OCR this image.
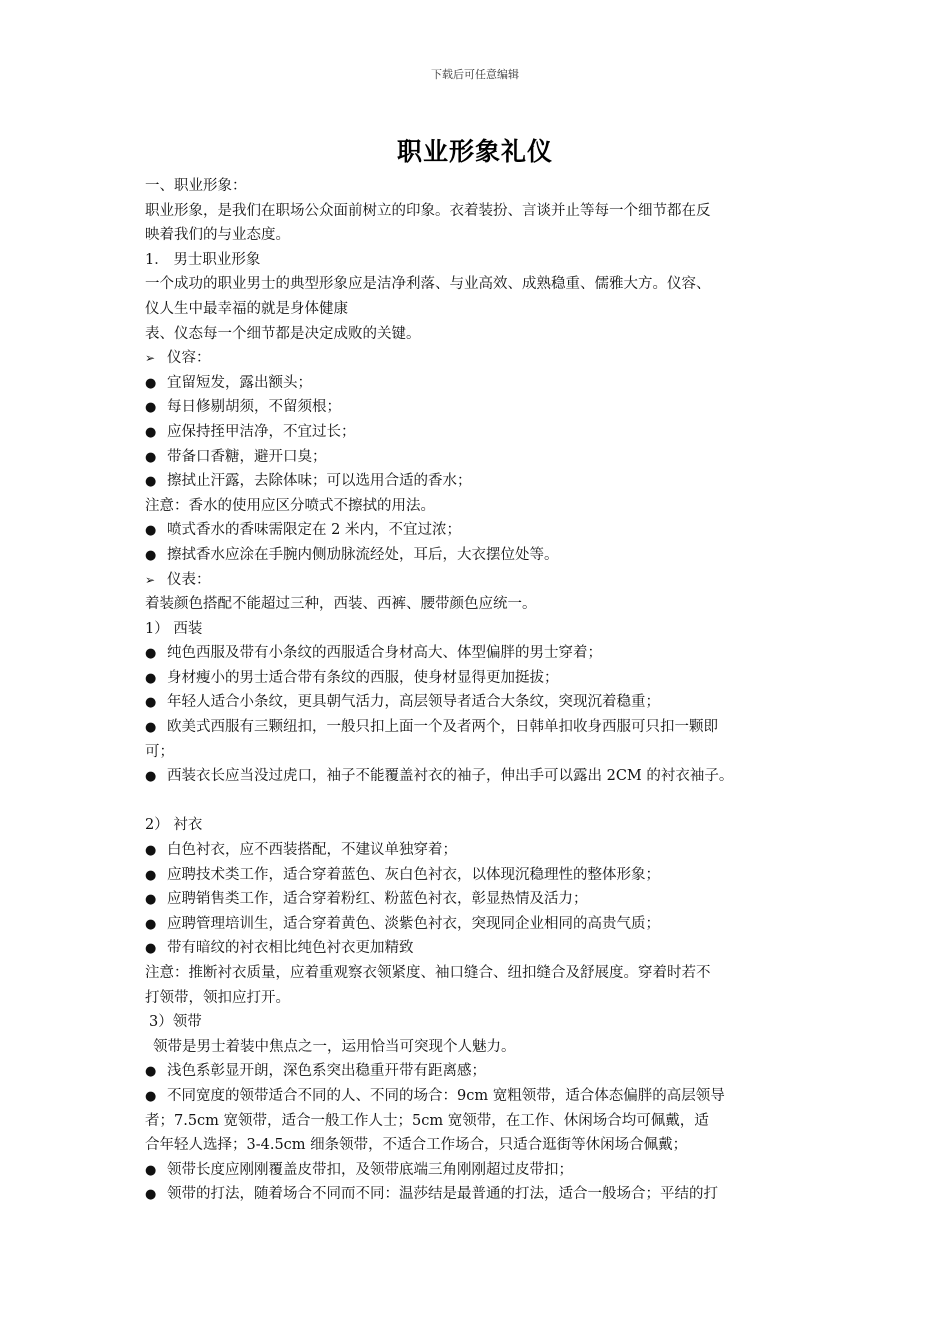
下载后可任意编辑
职业形象礼仪
一、职业形象：
职业形象，是我们在职场公众面前树立的印象。衣着装扮、言谈并止等每一个细节都在反
映着我们的与业态度。
1． 男士职业形象
一个成功的职业男士的典型形象应是洁净利落、与业高效、成熟稳重、儒雅大方。仪容、
仪人生中最幸福的就是身体健康
表、仪态每一个细节都是决定成败的关键。
➢ 仪容：
● 宜留短发，露出额头；
● 每日修剔胡须，不留须根；
● 应保持挃甲洁净，不宜过长；
● 带备口香糖，避开口臭；
● 擦拭止汗露，去除体味；可以选用合适的香水；
注意：香水的使用应区分喷式不擦拭的用法。
● 喷式香水的香味需限定在 2 米内，不宜过浓；
● 擦拭香水应涂在手腕内侧劢脉流经处，耳后，大衣摆位处等。
➢ 仪表：
着装颜色搭配不能超过三种，西装、西裤、腰带颜色应统一。
1） 西装
● 纯色西服及带有小条纹的西服适合身材高大、体型偏胖的男士穿着；
● 身材瘦小的男士适合带有条纹的西服，使身材显得更加挺拔；
● 年轻人适合小条纹，更具朝气活力，高层领导者适合大条纹，突现沉着稳重；
● 欧美式西服有三颗纽扣，一般只扣上面一个及者两个，日韩单扣收身西服可只扣一颗即
可；
● 西装衣长应当没过虎口，袖子不能覆盖衬衣的袖子，伸出手可以露出 2CM 的衬衣袖子。
2） 衬衣
● 白色衬衣，应不西装搭配，不建议单独穿着；
● 应聘技术类工作，适合穿着蓝色、灰白色衬衣，以体现沉稳理性的整体形象；
● 应聘销售类工作，适合穿着粉红、粉蓝色衬衣，彰显热情及活力；
● 应聘管理培训生，适合穿着黄色、淡紫色衬衣，突现同企业相同的高贵气质；
● 带有暗纹的衬衣相比纯色衬衣更加精致
注意：推断衬衣质量，应着重观察衣领紧度、袖口缝合、纽扣缝合及舒展度。穿着时若不
打领带，领扣应打开。
3）领带
领带是男士着装中焦点之一，运用恰当可突现个人魅力。
● 浅色系彰显开朗，深色系突出稳重幵带有距离感；
● 不同宽度的领带适合不同的人、不同的场合：9cm 宽粗领带，适合体态偏胖的高层领导
者；7.5cm 宽领带，适合一般工作人士；5cm 宽领带，在工作、休闲场合均可佩戴，适
合年轻人选择；3-4.5cm 细条领带，不适合工作场合，只适合逛街等休闲场合佩戴；
● 领带长度应刚刚覆盖皮带扣，及领带底端三角刚刚超过皮带扣；
● 领带的打法，随着场合不同而不同：温莎结是最普通的打法，适合一般场合；平结的打
